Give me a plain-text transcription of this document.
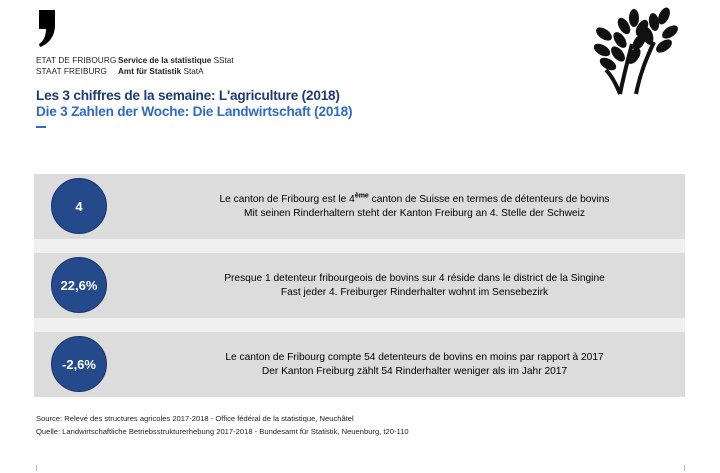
ETAT DE FRIBOURG Service de la statistique SStat
STAAT FREIBURG Amt für Statistik StatA
Les 3 chiffres de la semaine: L'agriculture (2018)
Die 3 Zahlen der Woche: Die Landwirtschaft (2018)
4	Le canton de Fribourg est le 4ème canton de Suisse en termes de détenteurs de bovins
Mit seinen Rinderhaltern steht der Kanton Freiburg an 4. Stelle der Schweiz
22,6%	Presque 1 detenteur fribourgeois de bovins sur 4 réside dans le district de la Singine
Fast jeder 4. Freiburger Rinderhalter wohnt im Sensebezirk
-2,6%	Le canton de Fribourg compte 54 detenteurs de bovins en moins par rapport à 2017
Der Kanton Freiburg zählt 54 Rinderhalter weniger als im Jahr 2017
Source: Relevé des structures agricoles 2017-2018 - Office fédéral de la statistique, Neuchâtel
Quelle: Landwirtschaftliche Betriebsstrukturerhebung 2017-2018 - Bundesamt für Statistik, Neuenburg, t20-110
